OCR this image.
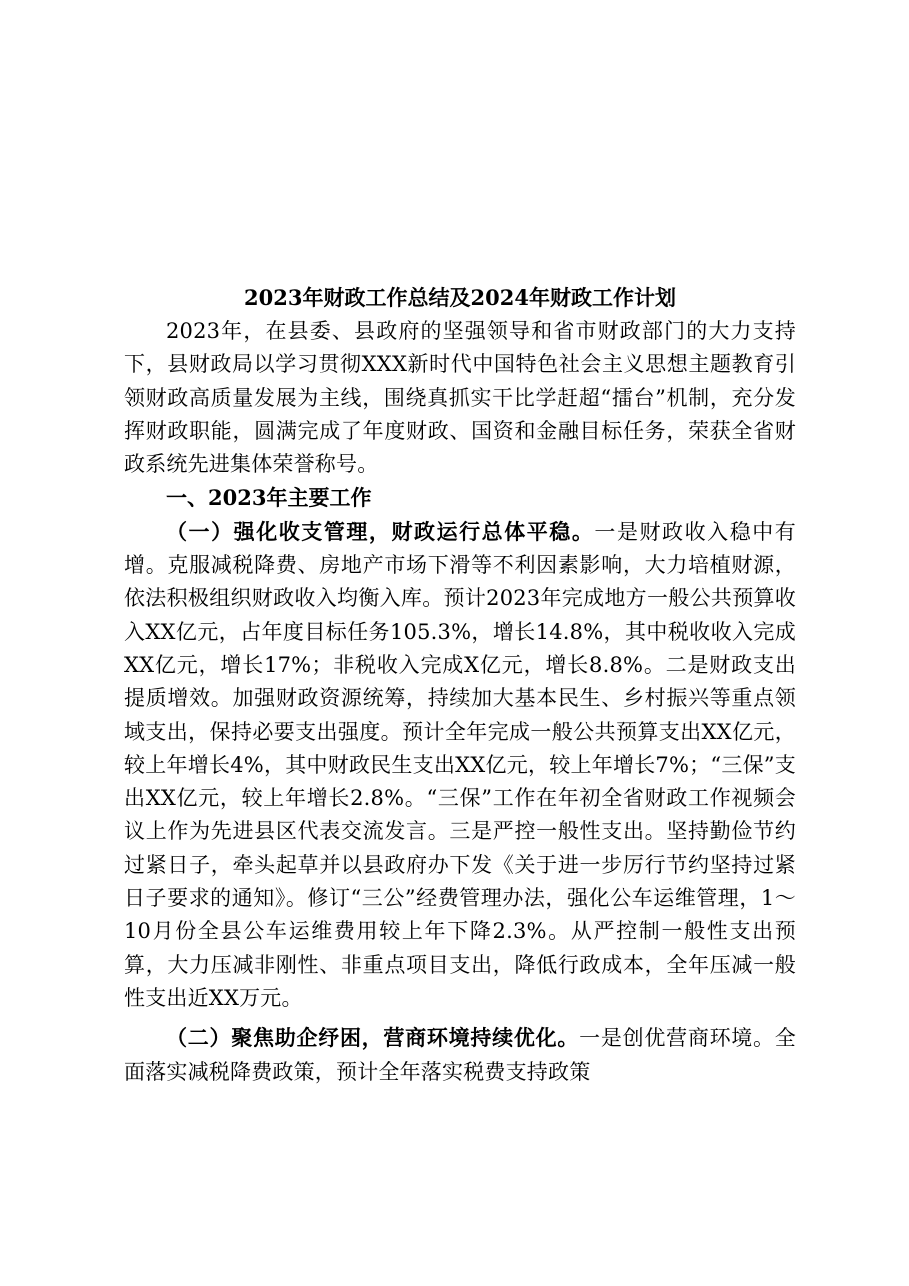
2023年财政工作总结及2024年财政工作计划

2023年，在县委、县政府的坚强领导和省市财政部门的大力支持下，县财政局以学习贯彻XXX新时代中国特色社会主义思想主题教育引领财政高质量发展为主线，围绕真抓实干比学赶超“擂台”机制，充分发挥财政职能，圆满完成了年度财政、国资和金融目标任务，荣获全省财政系统先进集体荣誉称号。

一、2023年主要工作

（一）强化收支管理，财政运行总体平稳。一是财政收入稳中有增。克服减税降费、房地产市场下滑等不利因素影响，大力培植财源，依法积极组织财政收入均衡入库。预计2023年完成地方一般公共预算收入XX亿元，占年度目标任务105.3%，增长14.8%，其中税收收入完成XX亿元，增长17%；非税收入完成X亿元，增长8.8%。二是财政支出提质增效。加强财政资源统筹，持续加大基本民生、乡村振兴等重点领域支出，保持必要支出强度。预计全年完成一般公共预算支出XX亿元，较上年增长4%，其中财政民生支出XX亿元，较上年增长7%；“三保”支出XX亿元，较上年增长2.8%。“三保”工作在年初全省财政工作视频会议上作为先进县区代表交流发言。三是严控一般性支出。坚持勤俭节约过紧日子，牵头起草并以县政府办下发《关于进一步厉行节约坚持过紧日子要求的通知》。修订“三公”经费管理办法，强化公车运维管理，1～10月份全县公车运维费用较上年下降2.3%。从严控制一般性支出预算，大力压减非刚性、非重点项目支出，降低行政成本，全年压减一般性支出近XX万元。

（二）聚焦助企纾困，营商环境持续优化。一是创优营商环境。全面落实减税降费政策，预计全年落实税费支持政策
